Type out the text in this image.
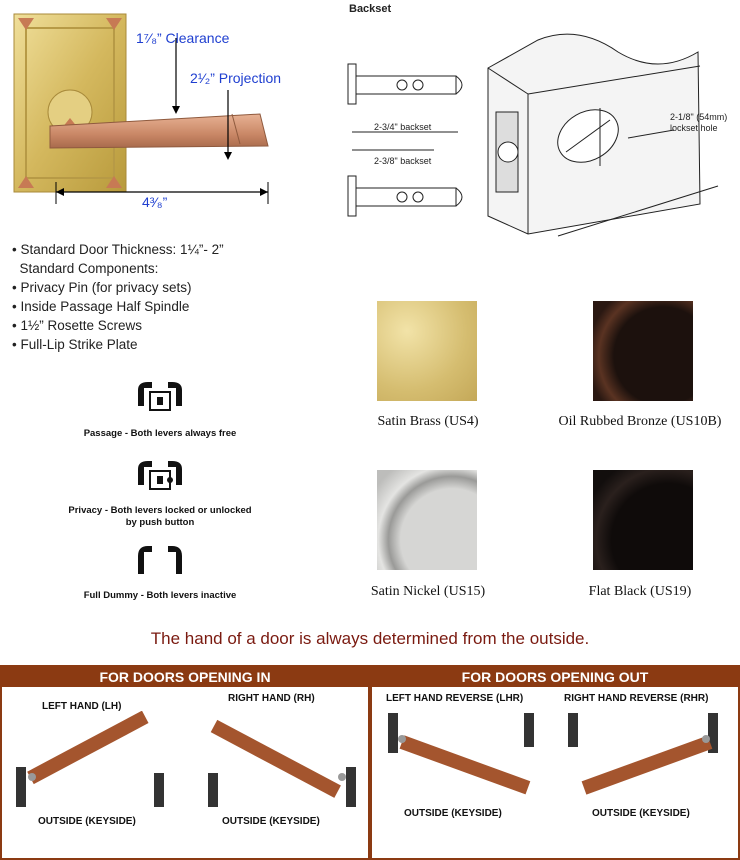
1⁷⁄₈” Clearance
2¹⁄₂” Projection
4³⁄₈”
Backset
2-3/4" backset
2-3/8" backset
2-1/8" (54mm)
lockset hole
• Standard Door Thickness: 1¼”- 2”
Standard Components:
• Privacy Pin (for privacy sets)
• Inside Passage Half Spindle
• 1½” Rosette Screws
• Full-Lip Strike Plate
Passage - Both levers always free
Privacy - Both levers locked or unlocked
by push button
Full Dummy - Both levers inactive
Satin Brass (US4)	Oil Rubbed Bronze (US10B)
Satin Nickel (US15)	Flat Black (US19)
The hand of a door is always determined from the outside.
FOR DOORS OPENING IN
LEFT HAND (LH)
RIGHT HAND (RH)
OUTSIDE (KEYSIDE)	OUTSIDE (KEYSIDE)
FOR DOORS OPENING OUT
LEFT HAND REVERSE (LHR)	RIGHT HAND REVERSE (RHR)
OUTSIDE (KEYSIDE)	OUTSIDE (KEYSIDE)
